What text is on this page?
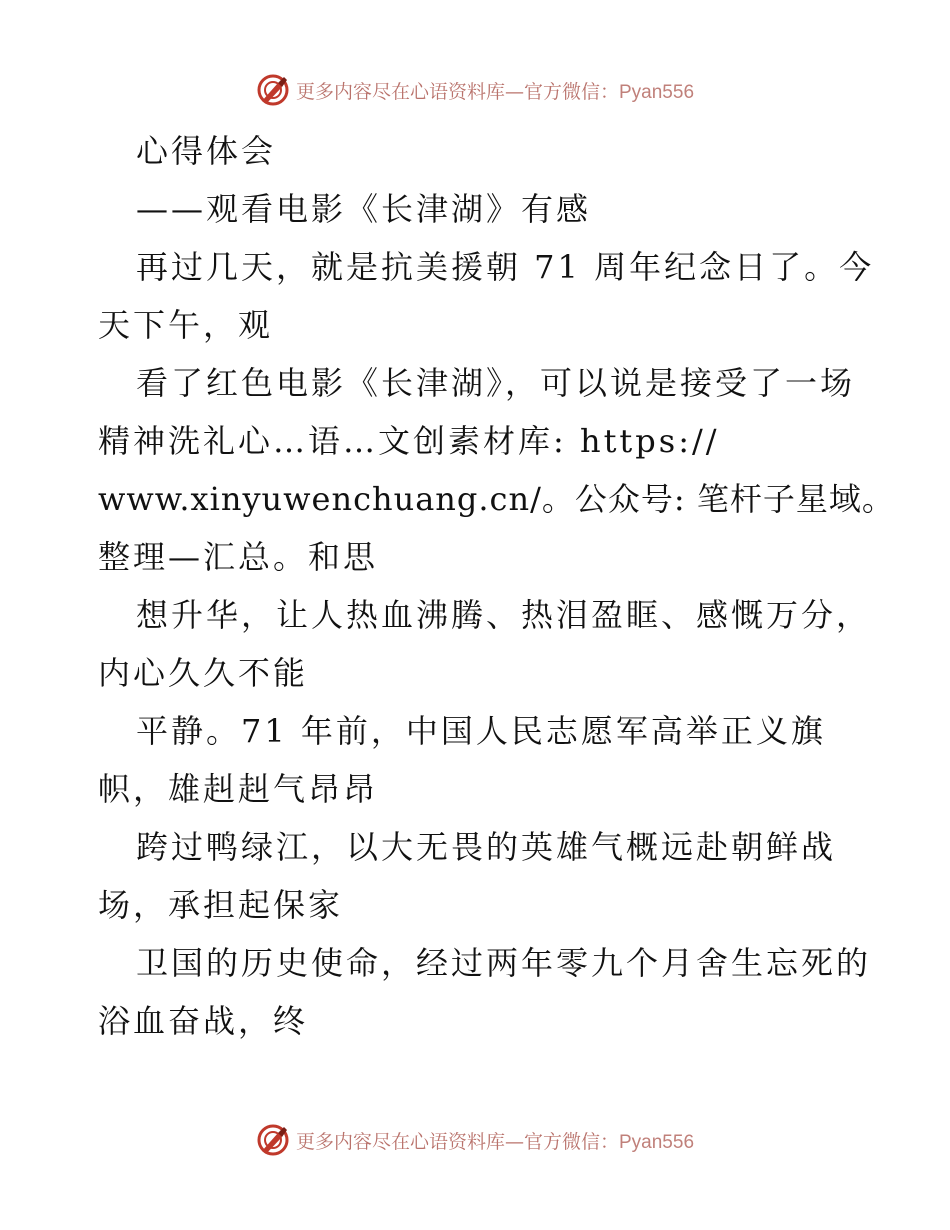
更多内容尽在心语资料库—官方微信：Pyan556
心得体会
——观看电影《长津湖》有感
再过几天，就是抗美援朝 71 周年纪念日了。今
天下午，观
看了红色电影《长津湖》，可以说是接受了一场
精神洗礼心…语…文创素材库: https://
www.xinyuwenchuang.cn/。公众号: 笔杆子星域。
整理—汇总。和思
想升华，让人热血沸腾、热泪盈眶、感慨万分，
内心久久不能
平静。71 年前，中国人民志愿军高举正义旗
帜，雄赳赳气昂昂
跨过鸭绿江，以大无畏的英雄气概远赴朝鲜战
场，承担起保家
卫国的历史使命，经过两年零九个月舍生忘死的
浴血奋战，终
更多内容尽在心语资料库—官方微信：Pyan556
